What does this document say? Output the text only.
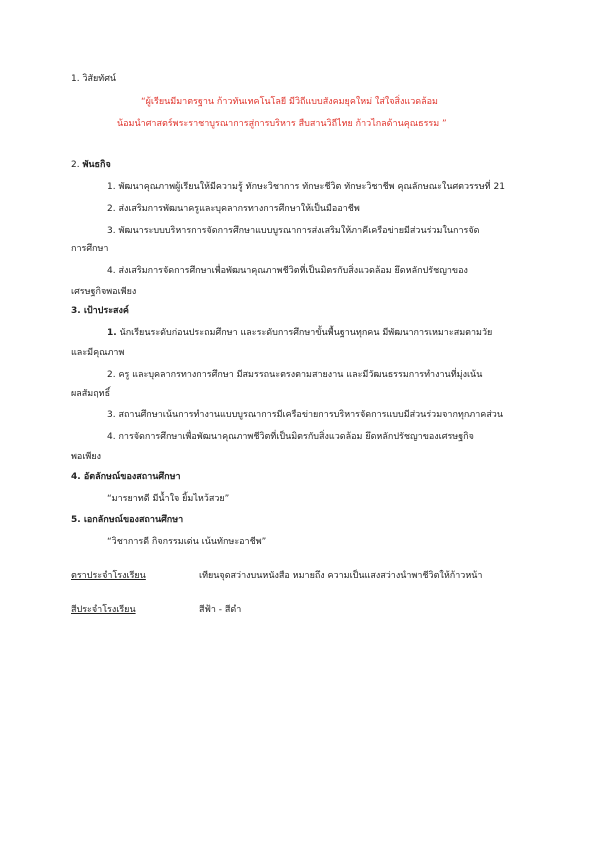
1. วิสัยทัศน์
“ผู้เรียนมีมาตรฐาน ก้าวทันเทคโนโลยี มีวิถีแบบสังคมยุคใหม่ ใส่ใจสิ่งแวดล้อม
น้อมนำศาสตร์พระราชาบูรณาการสู่การบริหาร สืบสานวิถีไทย ก้าวไกลด้านคุณธรรม ”
2. พันธกิจ
1. พัฒนาคุณภาพผู้เรียนให้มีความรู้ ทักษะวิชาการ ทักษะชีวิต ทักษะวิชาชีพ คุณลักษณะในศตวรรษที่ 21
2. ส่งเสริมการพัฒนาครูและบุคลากรทางการศึกษาให้เป็นมืออาชีพ
3. พัฒนาระบบบริหารการจัดการศึกษาแบบบูรณาการส่งเสริมให้ภาคีเครือข่ายมีส่วนร่วมในการจัด
การศึกษา
4. ส่งเสริมการจัดการศึกษาเพื่อพัฒนาคุณภาพชีวิตที่เป็นมิตรกับสิ่งแวดล้อม ยึดหลักปรัชญาของ
เศรษฐกิจพอเพียง
3. เป้าประสงค์
1. นักเรียนระดับก่อนประถมศึกษา และระดับการศึกษาขั้นพื้นฐานทุกคน มีพัฒนาการเหมาะสมตามวัย
และมีคุณภาพ
2. ครู และบุคลากรทางการศึกษา มีสมรรถนะตรงตามสายงาน และมีวัฒนธรรมการทำงานที่มุ่งเน้น
ผลสัมฤทธิ์
3. สถานศึกษาเน้นการทำงานแบบบูรณาการมีเครือข่ายการบริหารจัดการแบบมีส่วนร่วมจากทุกภาคส่วน
4. การจัดการศึกษาเพื่อพัฒนาคุณภาพชีวิตที่เป็นมิตรกับสิ่งแวดล้อม ยึดหลักปรัชญาของเศรษฐกิจ
พอเพียง
4. อัตลักษณ์ของสถานศึกษา
“มารยาทดี มีน้ำใจ ยิ้มไหว้สวย”
5. เอกลักษณ์ของสถานศึกษา
“วิชาการดี กิจกรรมเด่น เน้นทักษะอาชีพ”
ตราประจำโรงเรียน	เทียนจุดสว่างบนหนังสือ หมายถึง ความเป็นแสงสว่างนำพาชีวิตให้ก้าวหน้า
สีประจำโรงเรียน	สีฟ้า - สีดำ
